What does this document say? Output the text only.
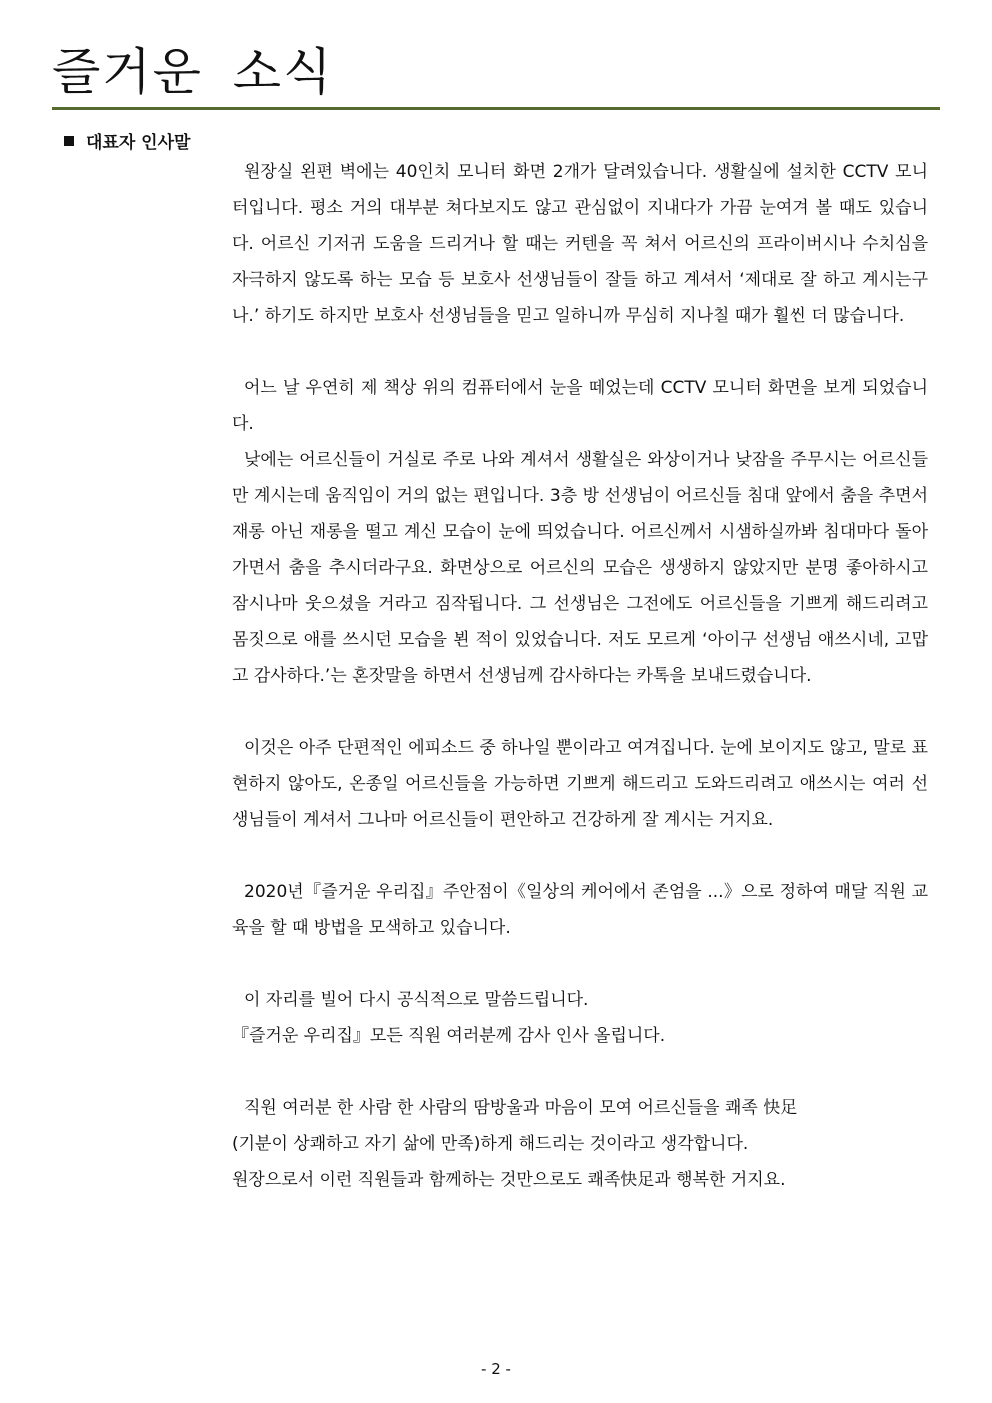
즐거운 소식
대표자 인사말

원장실 왼편 벽에는 40인치 모니터 화면 2개가 달려있습니다. 생활실에 설치한 CCTV 모니터입니다. 평소 거의 대부분 쳐다보지도 않고 관심없이 지내다가 가끔 눈여겨 볼 때도 있습니다. 어르신 기저귀 도움을 드리거나 할 때는 커텐을 꼭 쳐서 어르신의 프라이버시나 수치심을 자극하지 않도록 하는 모습 등 보호사 선생님들이 잘들 하고 계셔서 ‘제대로 잘 하고 계시는구나.’ 하기도 하지만 보호사 선생님들을 믿고 일하니까 무심히 지나칠 때가 훨씬 더 많습니다.

어느 날 우연히 제 책상 위의 컴퓨터에서 눈을 떼었는데 CCTV 모니터 화면을 보게 되었습니다.

낮에는 어르신들이 거실로 주로 나와 계셔서 생활실은 와상이거나 낮잠을 주무시는 어르신들만 계시는데 움직임이 거의 없는 편입니다. 3층 방 선생님이 어르신들 침대 앞에서 춤을 추면서 재롱 아닌 재롱을 떨고 계신 모습이 눈에 띄었습니다. 어르신께서 시샘하실까봐 침대마다 돌아가면서 춤을 추시더라구요. 화면상으로 어르신의 모습은 생생하지 않았지만 분명 좋아하시고 잠시나마 웃으셨을 거라고 짐작됩니다. 그 선생님은 그전에도 어르신들을 기쁘게 해드리려고 몸짓으로 애를 쓰시던 모습을 뵌 적이 있었습니다. 저도 모르게 ‘아이구 선생님 애쓰시네, 고맙고 감사하다.’는 혼잣말을 하면서 선생님께 감사하다는 카톡을 보내드렸습니다.

이것은 아주 단편적인 에피소드 중 하나일 뿐이라고 여겨집니다. 눈에 보이지도 않고, 말로 표현하지 않아도, 온종일 어르신들을 가능하면 기쁘게 해드리고 도와드리려고 애쓰시는 여러 선생님들이 계셔서 그나마 어르신들이 편안하고 건강하게 잘 계시는 거지요.

2020년『즐거운 우리집』주안점이《일상의 케어에서 존엄을 ...》으로 정하여 매달 직원 교육을 할 때 방법을 모색하고 있습니다.

이 자리를 빌어 다시 공식적으로 말씀드립니다.

『즐거운 우리집』모든 직원 여러분께 감사 인사 올립니다.

직원 여러분 한 사람 한 사람의 땀방울과 마음이 모여 어르신들을 쾌족 快足

(기분이 상쾌하고 자기 삶에 만족)하게 해드리는 것이라고 생각합니다.

원장으로서 이런 직원들과 함께하는 것만으로도 쾌족快足과 행복한 거지요.

- 2 -
